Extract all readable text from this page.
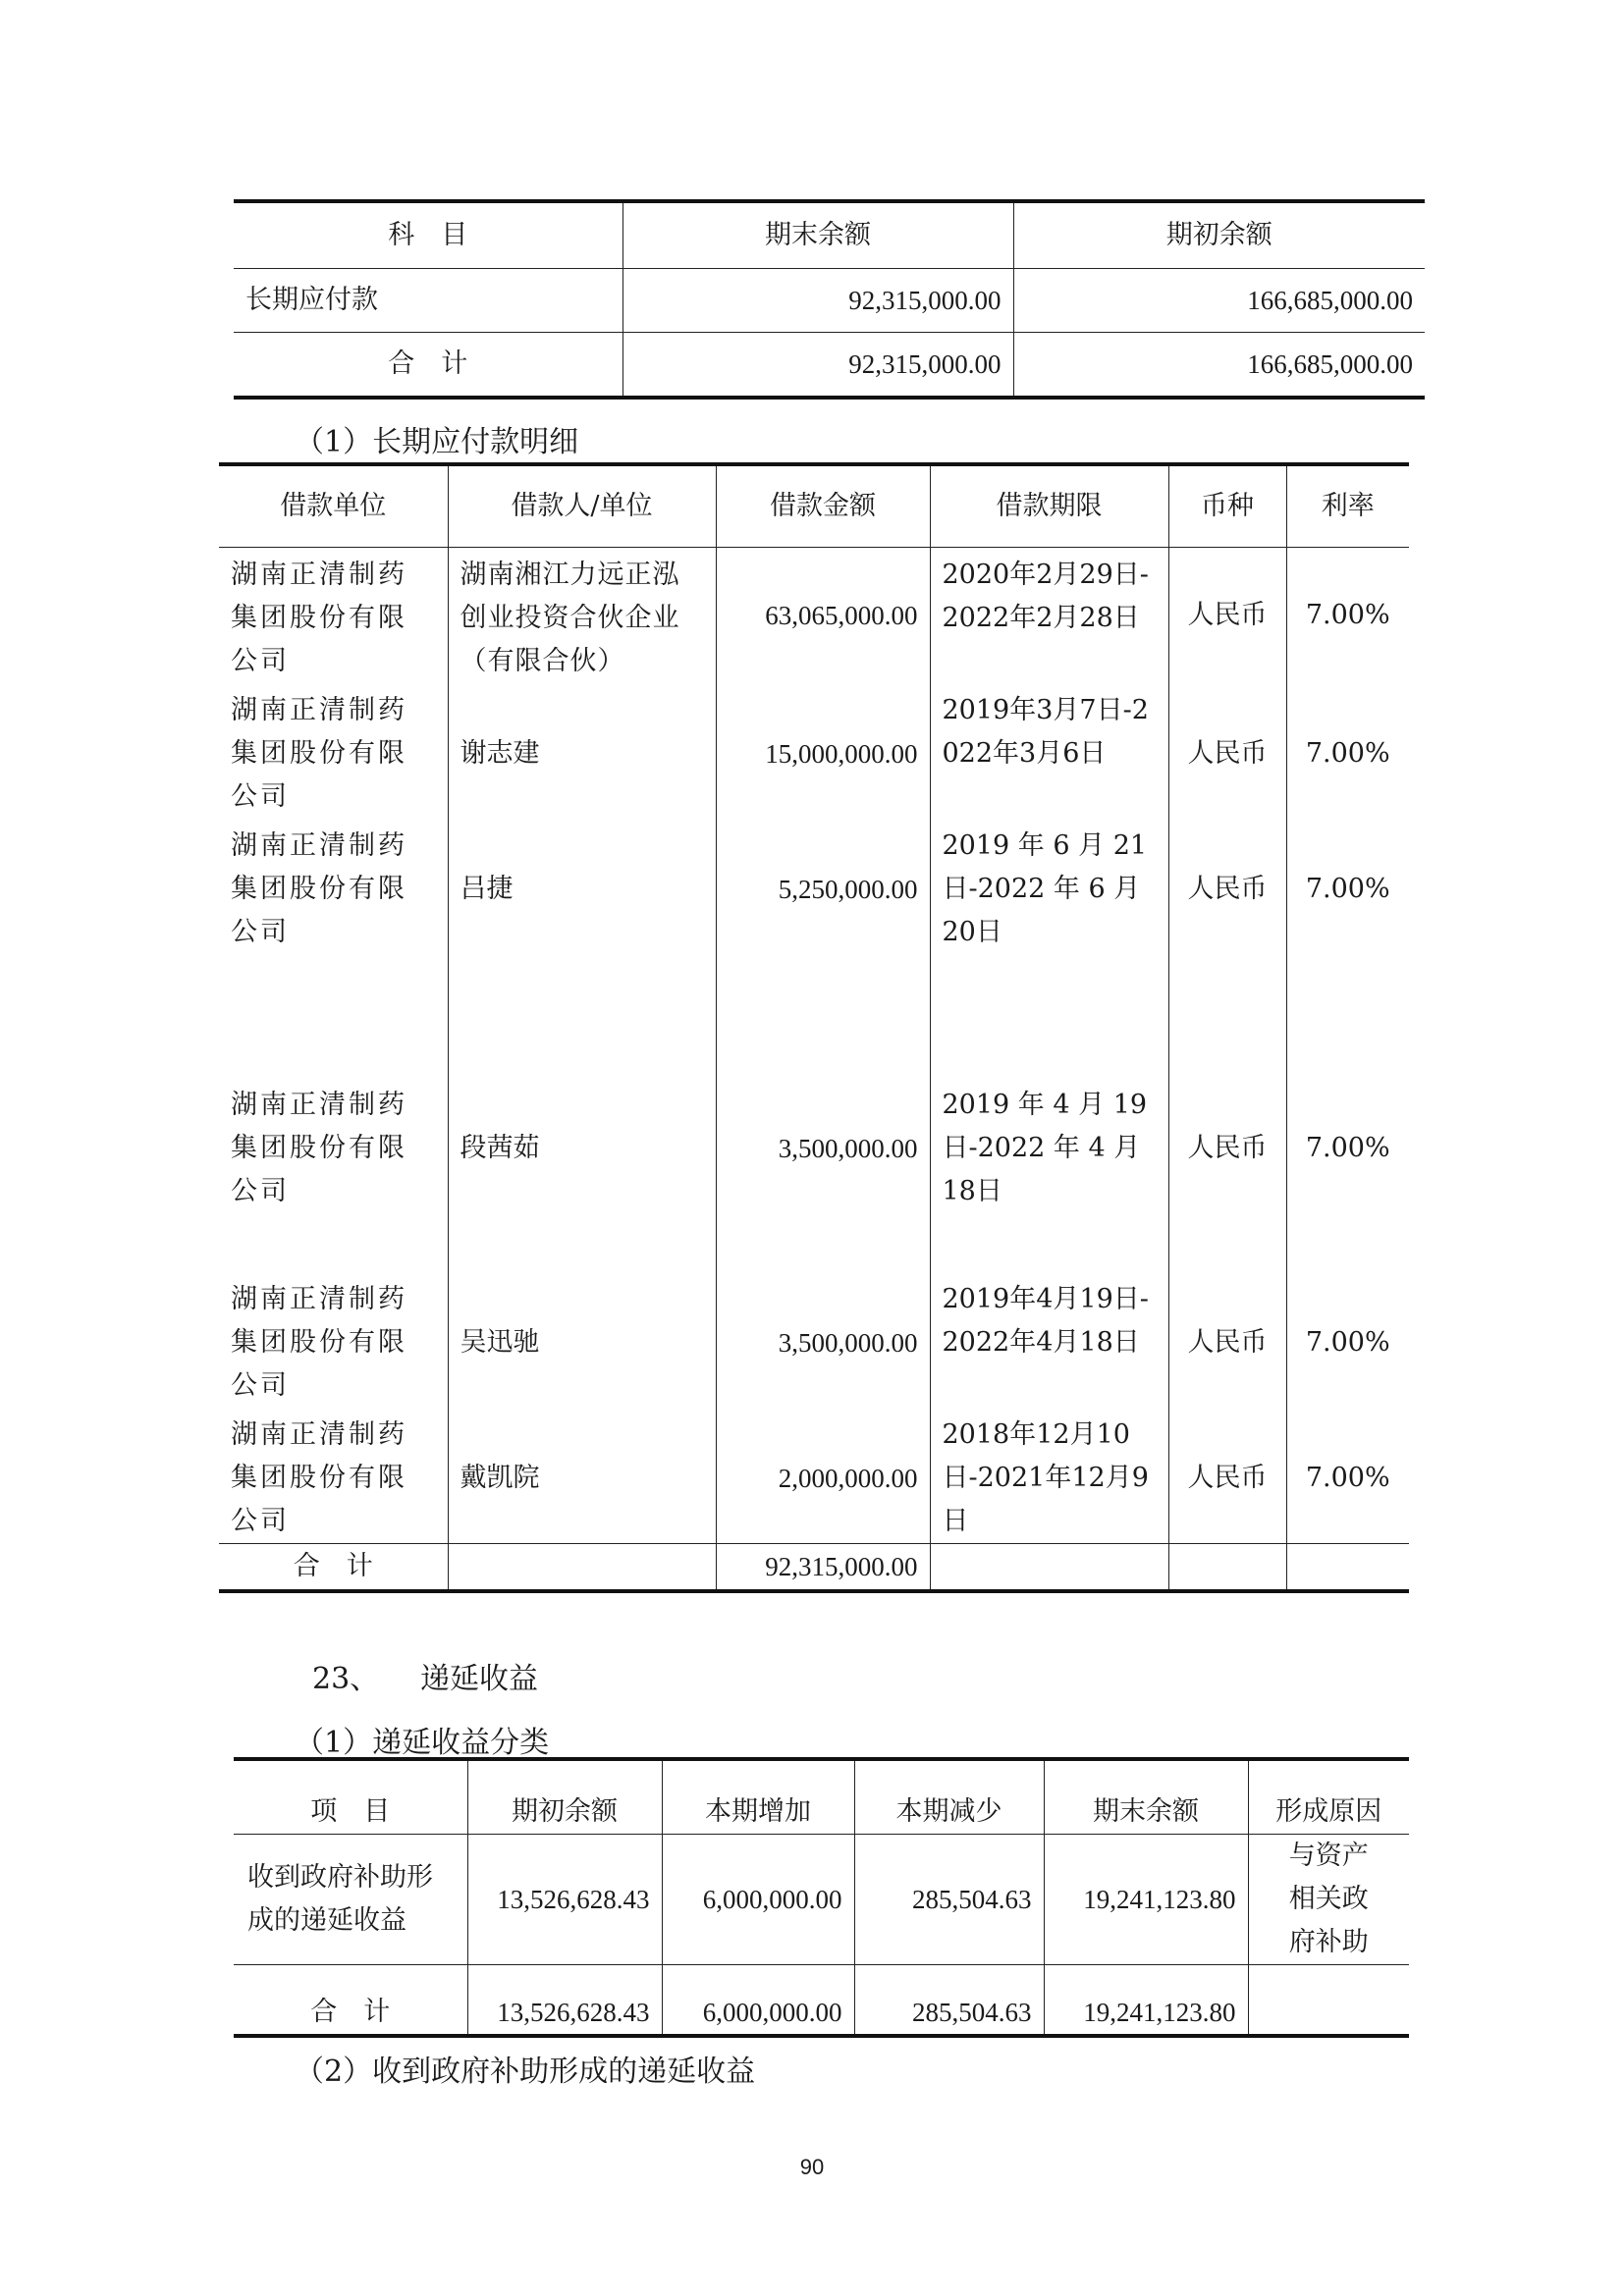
科　目	期末余额	期初余额
长期应付款	92,315,000.00	166,685,000.00
合　计	92,315,000.00	166,685,000.00
（1）长期应付款明细
借款单位	借款人/单位	借款金额	借款期限	币种	利率
湖南正清制药集团股份有限公司	湖南湘江力远正泓创业投资合伙企业（有限合伙）	63,065,000.00	2020年2月29日-2022年2月28日	人民币	7.00%
湖南正清制药集团股份有限公司	谢志建	15,000,000.00	2019年3月7日-2022年3月6日	人民币	7.00%
湖南正清制药集团股份有限公司	吕捷	5,250,000.00	2019 年 6 月 21 日-2022 年 6 月 20日	人民币	7.00%
湖南正清制药集团股份有限公司	段茜茹	3,500,000.00	2019 年 4 月 19 日-2022 年 4 月 18日	人民币	7.00%
湖南正清制药集团股份有限公司	吴迅驰	3,500,000.00	2019年4月19日-2022年4月18日	人民币	7.00%
湖南正清制药集团股份有限公司	戴凯院	2,000,000.00	2018年12月10日-2021年12月9日	人民币	7.00%
合　计		92,315,000.00			
23、 递延收益
（1）递延收益分类
项　目	期初余额	本期增加	本期减少	期末余额	形成原因
收到政府补助形成的递延收益	13,526,628.43	6,000,000.00	285,504.63	19,241,123.80	与资产相关政府补助
合　计	13,526,628.43	6,000,000.00	285,504.63	19,241,123.80	
（2）收到政府补助形成的递延收益
90
